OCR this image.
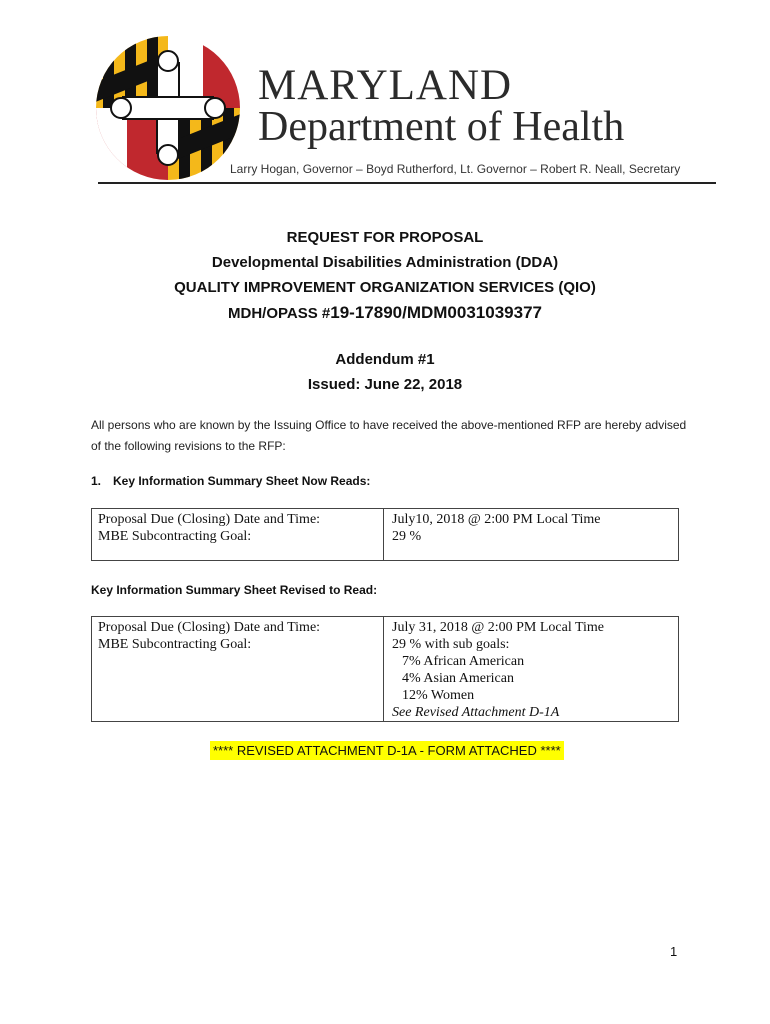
MARYLAND
Department of Health
Larry Hogan, Governor – Boyd Rutherford, Lt. Governor – Robert R. Neall, Secretary
REQUEST FOR PROPOSAL
Developmental Disabilities Administration (DDA)
QUALITY IMPROVEMENT ORGANIZATION SERVICES (QIO)
MDH/OPASS #19-17890/MDM0031039377
Addendum #1
Issued: June 22, 2018
All persons who are known by the Issuing Office to have received the above-mentioned RFP are hereby advised of the following revisions to the RFP:
1. Key Information Summary Sheet Now Reads:
Proposal Due (Closing) Date and Time:
MBE Subcontracting Goal:
July10, 2018 @ 2:00 PM Local Time
29 %
Key Information Summary Sheet Revised to Read:
Proposal Due (Closing) Date and Time:
MBE Subcontracting Goal:
July 31, 2018 @ 2:00 PM Local Time
29 % with sub goals:
7% African American
4% Asian American
12% Women
See Revised Attachment D-1A
**** REVISED ATTACHMENT D-1A - FORM ATTACHED ****
1
